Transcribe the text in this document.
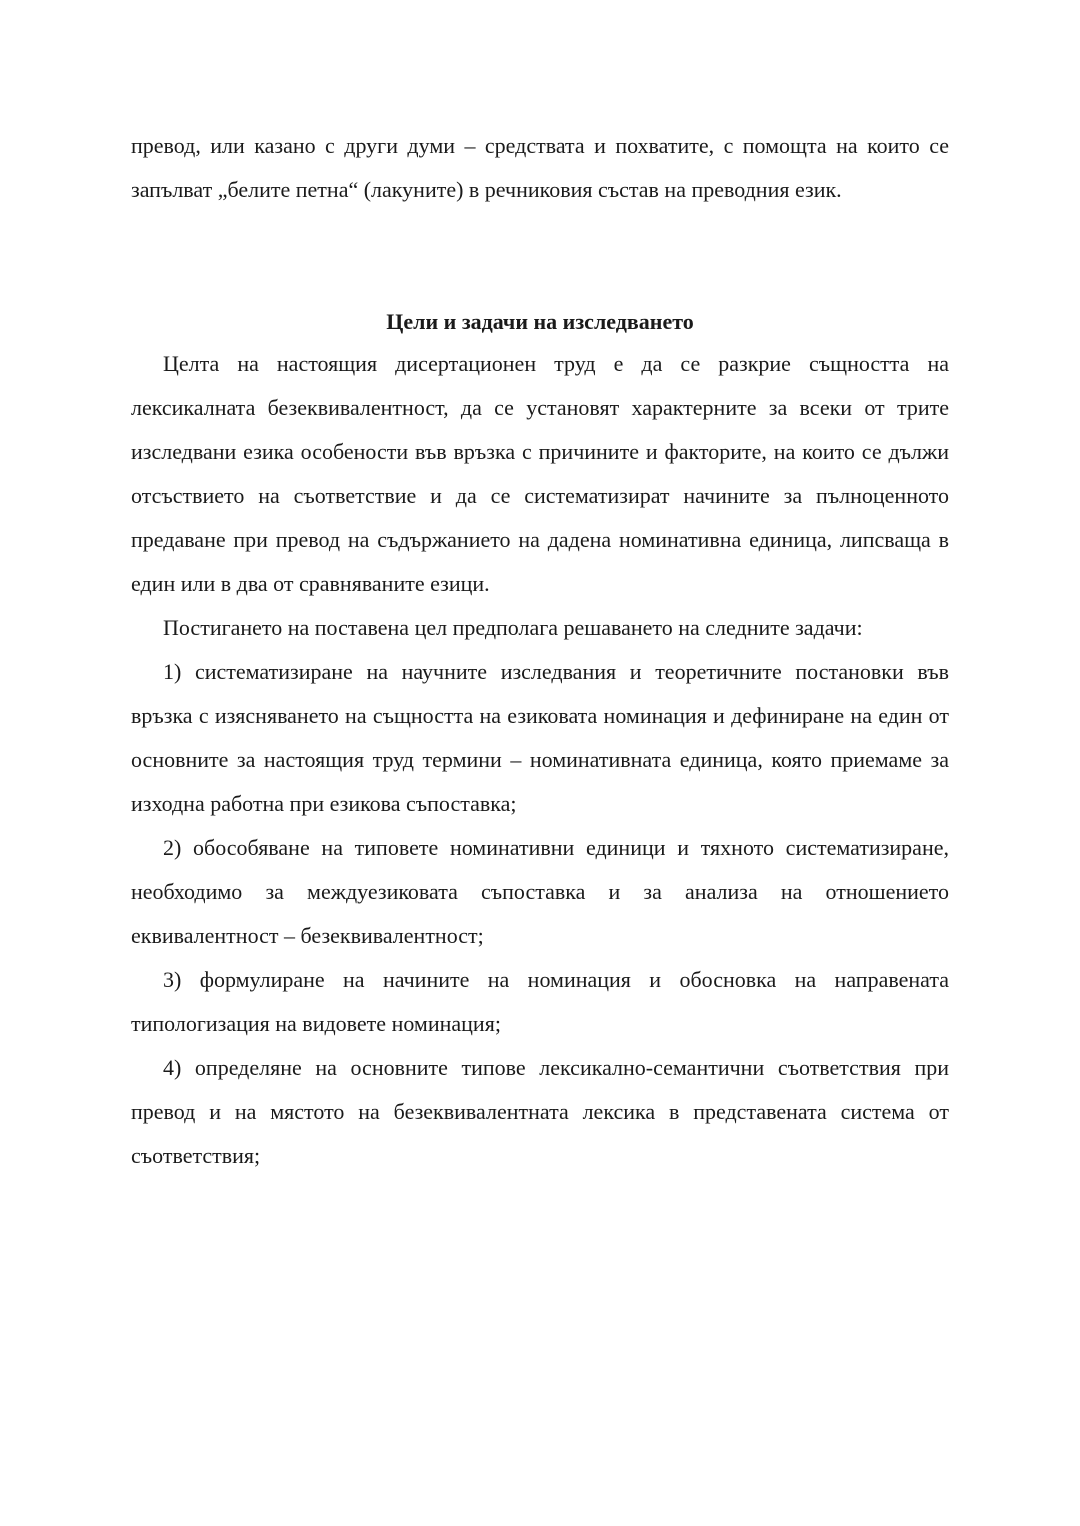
превод, или казано с други думи – средствата и похватите, с помощта на които се запълват „белите петна“ (лакуните) в речниковия състав на преводния език.

Цели и задачи на изследването

Целта на настоящия дисертационен труд е да се разкрие същността на лексикалната безеквивалентност, да се установят характерните за всеки от трите изследвани езика особености във връзка с причините и факторите, на които се дължи отсъствието на съответствие и да се систематизират начините за пълноценното предаване при превод на съдържанието на дадена номинативна единица, липсваща в един или в два от сравняваните езици.

Постигането на поставена цел предполага решаването на следните задачи:

1) систематизиране на научните изследвания и теоретичните постановки във връзка с изясняването на същността на езиковата номинация и дефиниране на един от основните за настоящия труд термини – номинативната единица, която приемаме за изходна работна при езикова съпоставка;

2) обособяване на типовете номинативни единици и тяхното систематизиране, необходимо за междуезиковата съпоставка и за анализа на отношението еквивалентност – безеквивалентност;

3) формулиране на начините на номинация и обосновка на направената типологизация на видовете номинация;

4) определяне на основните типове лексикално-семантични съответствия при превод и на мястото на безеквивалентната лексика в представената система от съответствия;
